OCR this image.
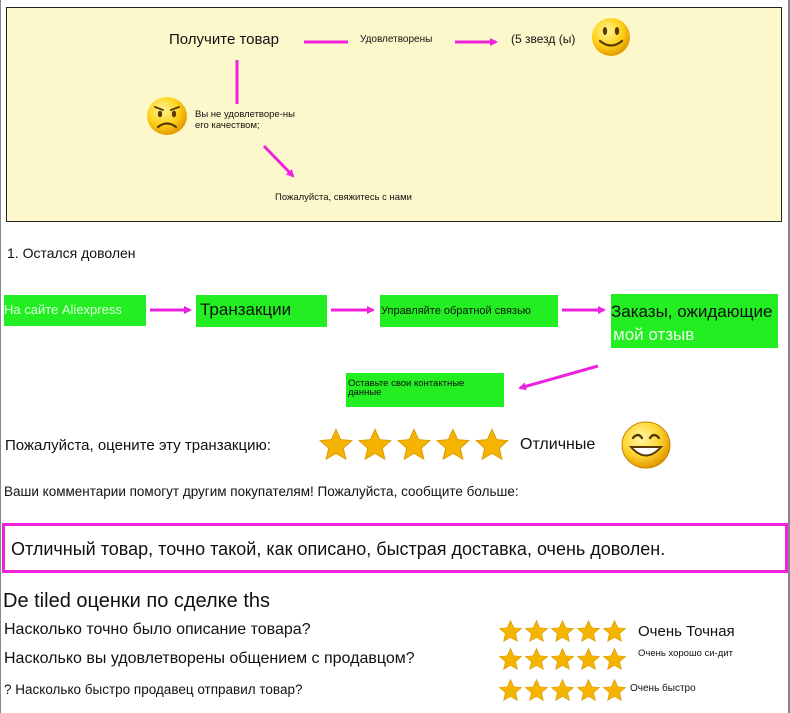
Получите товар	Удовлетворены	(5 звезд (ы)
Вы не удовлетворе-ны его качеством;
Пожалуйста, свяжитесь с нами
1. Остался доволен
На сайте Aliexpress	Транзакции	Управляйте обратной связью	Заказы, ожидающие
мой отзыв
Оставьте свои контактные данные
Пожалуйста, оцените эту транзакцию:	Отличные
Ваши комментарии помогут другим покупателям! Пожалуйста, сообщите больше:
Отличный товар, точно такой, как описано, быстрая доставка, очень доволен.
De tiled оценки по сделке ths
Насколько точно было описание товара?	Очень Точная
Насколько вы удовлетворены общением с продавцом?	Очень хорошо си-дит
? Насколько быстро продавец отправил товар?	Очень быстро
